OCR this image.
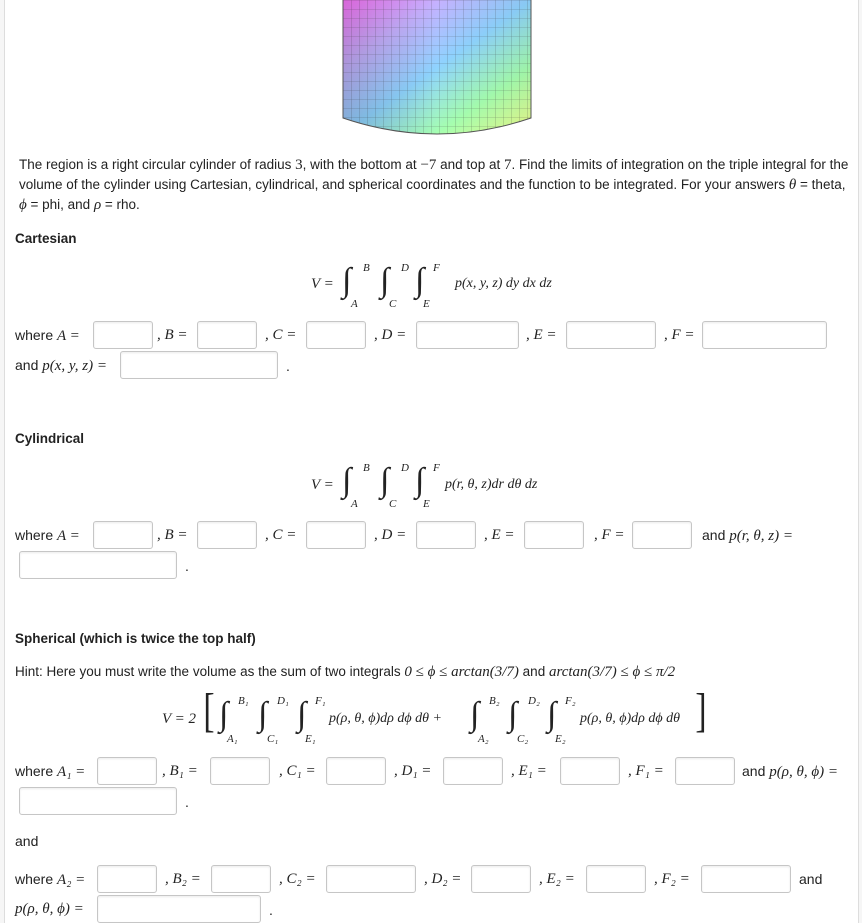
The region is a right circular cylinder of radius 3, with the bottom at −7 and top at 7. Find the limits of integration on the triple integral for the volume of the cylinder using Cartesian, cylindrical, and spherical coordinates and the function to be integrated. For your answers θ = theta, ϕ = phi, and ρ = rho.
Cartesian
V = ∫ B
A
∫ D
C
∫ F
E
p(x, y, z) dy dx dz
where A =	, B =	, C =	, D =	, E =	, F =
and p(x, y, z) =	.
Cylindrical
V = ∫ B
A
∫ D
C
∫ F
E
p(r, θ, z)dr dθ dz
where A =	, B =	, C =	, D =	, E =	, F =	and p(r, θ, z) =
.
Spherical (which is twice the top half)
Hint: Here you must write the volume as the sum of two integrals 0 ≤ ϕ ≤ arctan(3/7) and arctan(3/7) ≤ ϕ ≤ π/2
V = 2 [ ∫ B₁
A₁
∫ D₁
C₁
∫ F₁
E₁
p(ρ, θ, ϕ)dρ dϕ dθ + ∫ B₂
A₂
∫ D₂
C₂
∫ F₂
E₂
p(ρ, θ, ϕ)dρ dϕ dθ ]
where A₁ =	, B₁ =	, C₁ =	, D₁ =	, E₁ =	, F₁ =	and p(ρ, θ, ϕ) =
.
and
where A₂ =	, B₂ =	, C₂ =	, D₂ =	, E₂ =	, F₂ =	and
p(ρ, θ, ϕ) =	.
